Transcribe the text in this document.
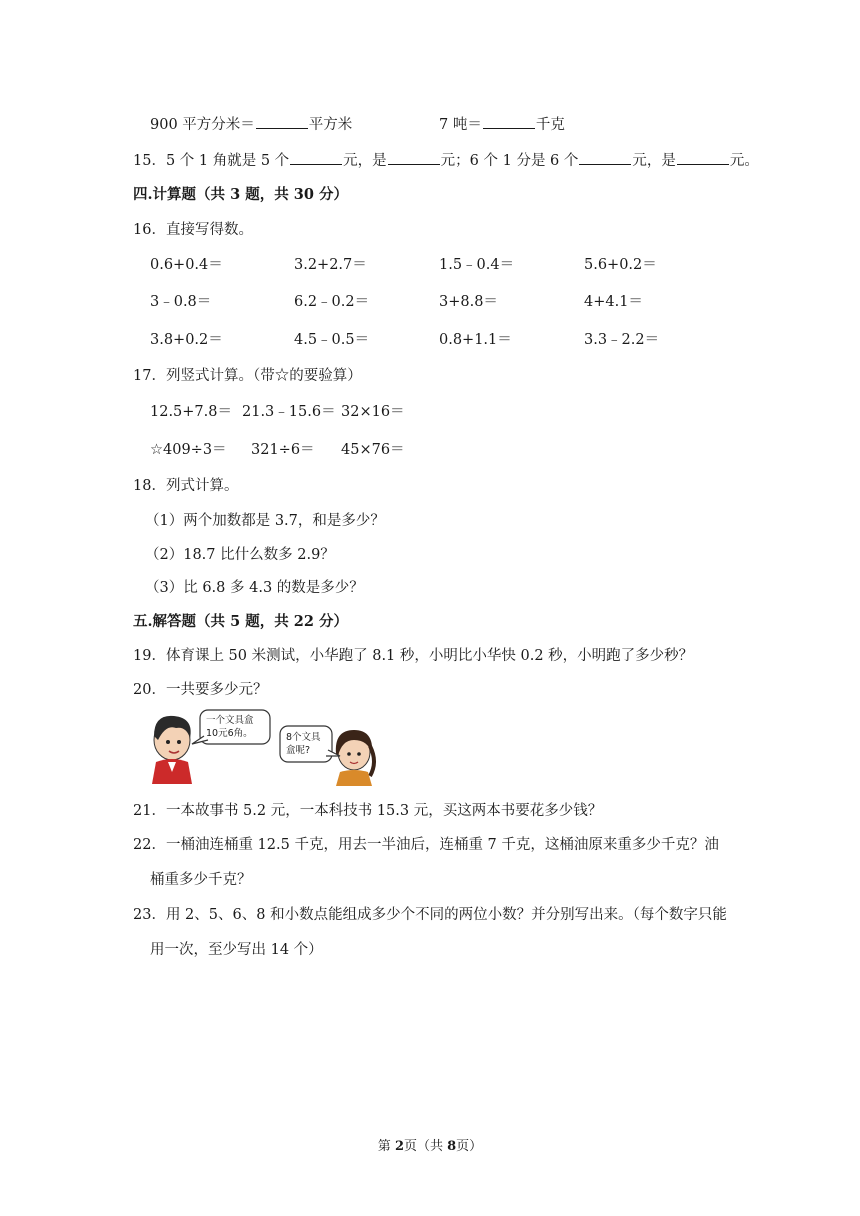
900 平方分米＝	平方米	7 吨＝	千克
15．5 个 1 角就是 5 个	元，是	元；6 个 1 分是 6 个	元，是	元。
四.计算题（共 3 题，共 30 分）
16．直接写得数。
0.6+0.4＝	3.2+2.7＝	1.5﹣0.4＝	5.6+0.2＝
3﹣0.8＝	6.2﹣0.2＝	3+8.8＝	4+4.1＝
3.8+0.2＝	4.5﹣0.5＝	0.8+1.1＝	3.3﹣2.2＝
17．列竖式计算。（带☆的要验算）
12.5+7.8＝ 21.3﹣15.6＝ 32×16＝
☆409÷3＝ 321÷6＝ 45×76＝
18．列式计算。
（1）两个加数都是 3.7，和是多少？
（2）18.7 比什么数多 2.9？
（3）比 6.8 多 4.3 的数是多少？
五.解答题（共 5 题，共 22 分）
19．体育课上 50 米测试，小华跑了 8.1 秒，小明比小华快 0.2 秒，小明跑了多少秒？
20．一共要多少元？
一个文具盒
10元6角。	8个文具
盒呢?
21．一本故事书 5.2 元，一本科技书 15.3 元，买这两本书要花多少钱？
22．一桶油连桶重 12.5 千克，用去一半油后，连桶重 7 千克，这桶油原来重多少千克？油
桶重多少千克？
23．用 2、5、6、8 和小数点能组成多少个不同的两位小数？并分别写出来。（每个数字只能
用一次，至少写出 14 个）
第 2页（共 8页）
